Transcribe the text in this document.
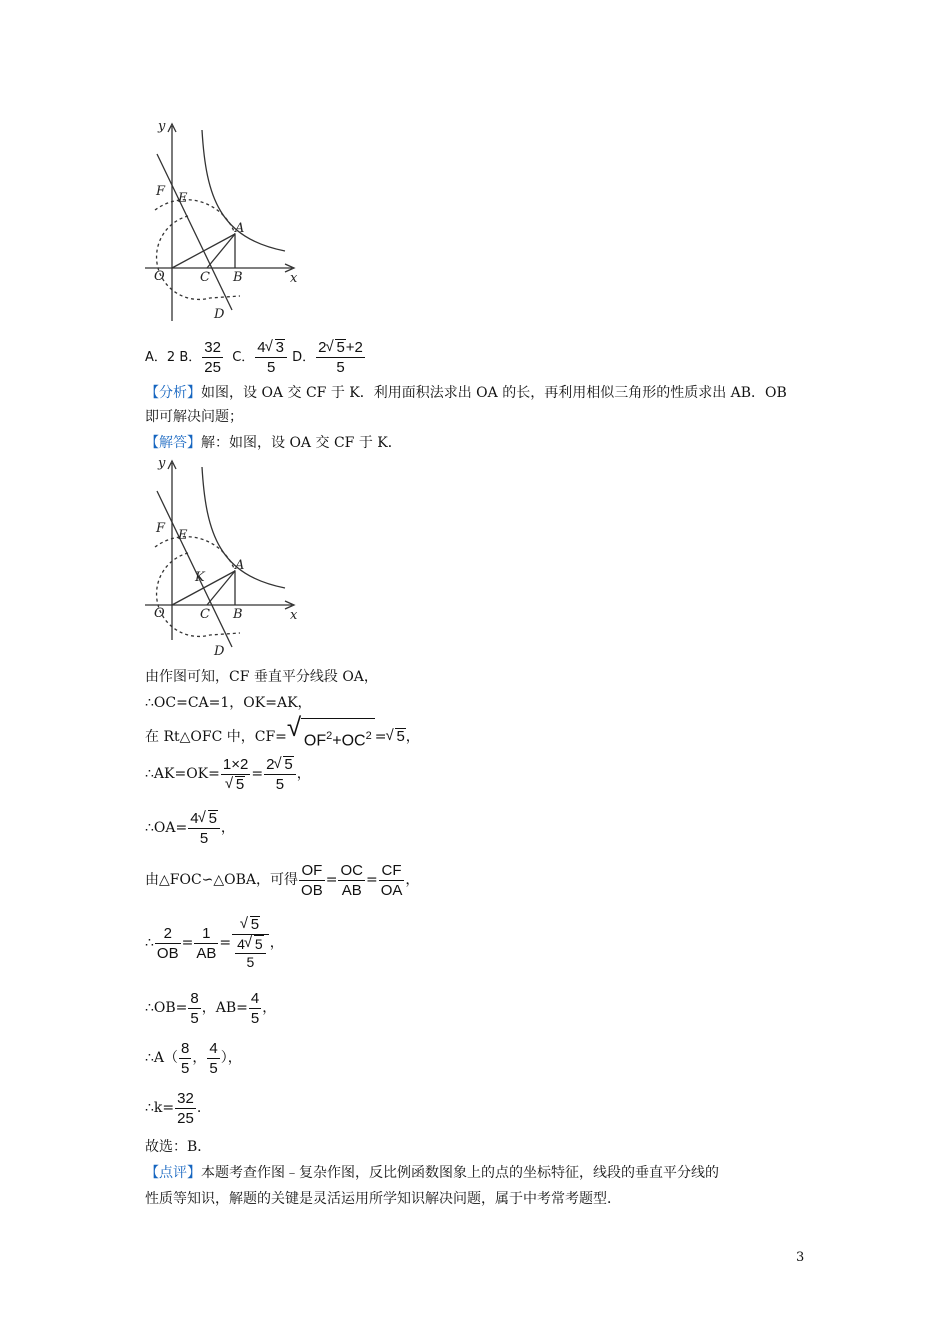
y
x
F E
A
O	C B
D
A．2 B． $\frac{32}{25}$ C． $\frac{4 √ 3}{5}$ D． $\frac{2 √ 5+2}{5}$
【分析】如图，设 OA 交 CF 于 K．利用面积法求出 OA 的长，再利用相似三角形的性质求出 AB．OB
即可解决问题；
【解答】解：如图，设 OA 交 CF 于 K．
y
x
F E
A
K
O	C B
D
由作图可知，CF 垂直平分线段 OA，
∴OC=CA=1，OK=AK，
在 Rt△OFC 中，CF= √ $OF^2+OC^2$ = √ 5，
∴AK=OK= 1×2
√ $5 = \frac{2 √ 5}{5}$ ，
∴OA= $\frac{4 √ 5}{5}$ ，
由△FOC∽△OBA，可得 $\frac{OF}{OB} = \frac{OC}{AB} = \frac{CF}{OA}$ ，
∴ $\frac{2}{OB} = \frac{1}{AB}$ = √ $\frac{5}{\frac{4 √ 5}{5}}$ ，
∴OB= $\frac{8}{5}$ ，$AB= \frac{4}{5}$ ，
∴A（ $\frac{8}{5}$ ， $\frac{4}{5}$ ），
∴k= $\frac{32}{25}$ .
故选：B．
【点评】本题考查作图﹣复杂作图，反比例函数图象上的点的坐标特征，线段的垂直平分线的
性质等知识，解题的关键是灵活运用所学知识解决问题，属于中考常考题型．
3
